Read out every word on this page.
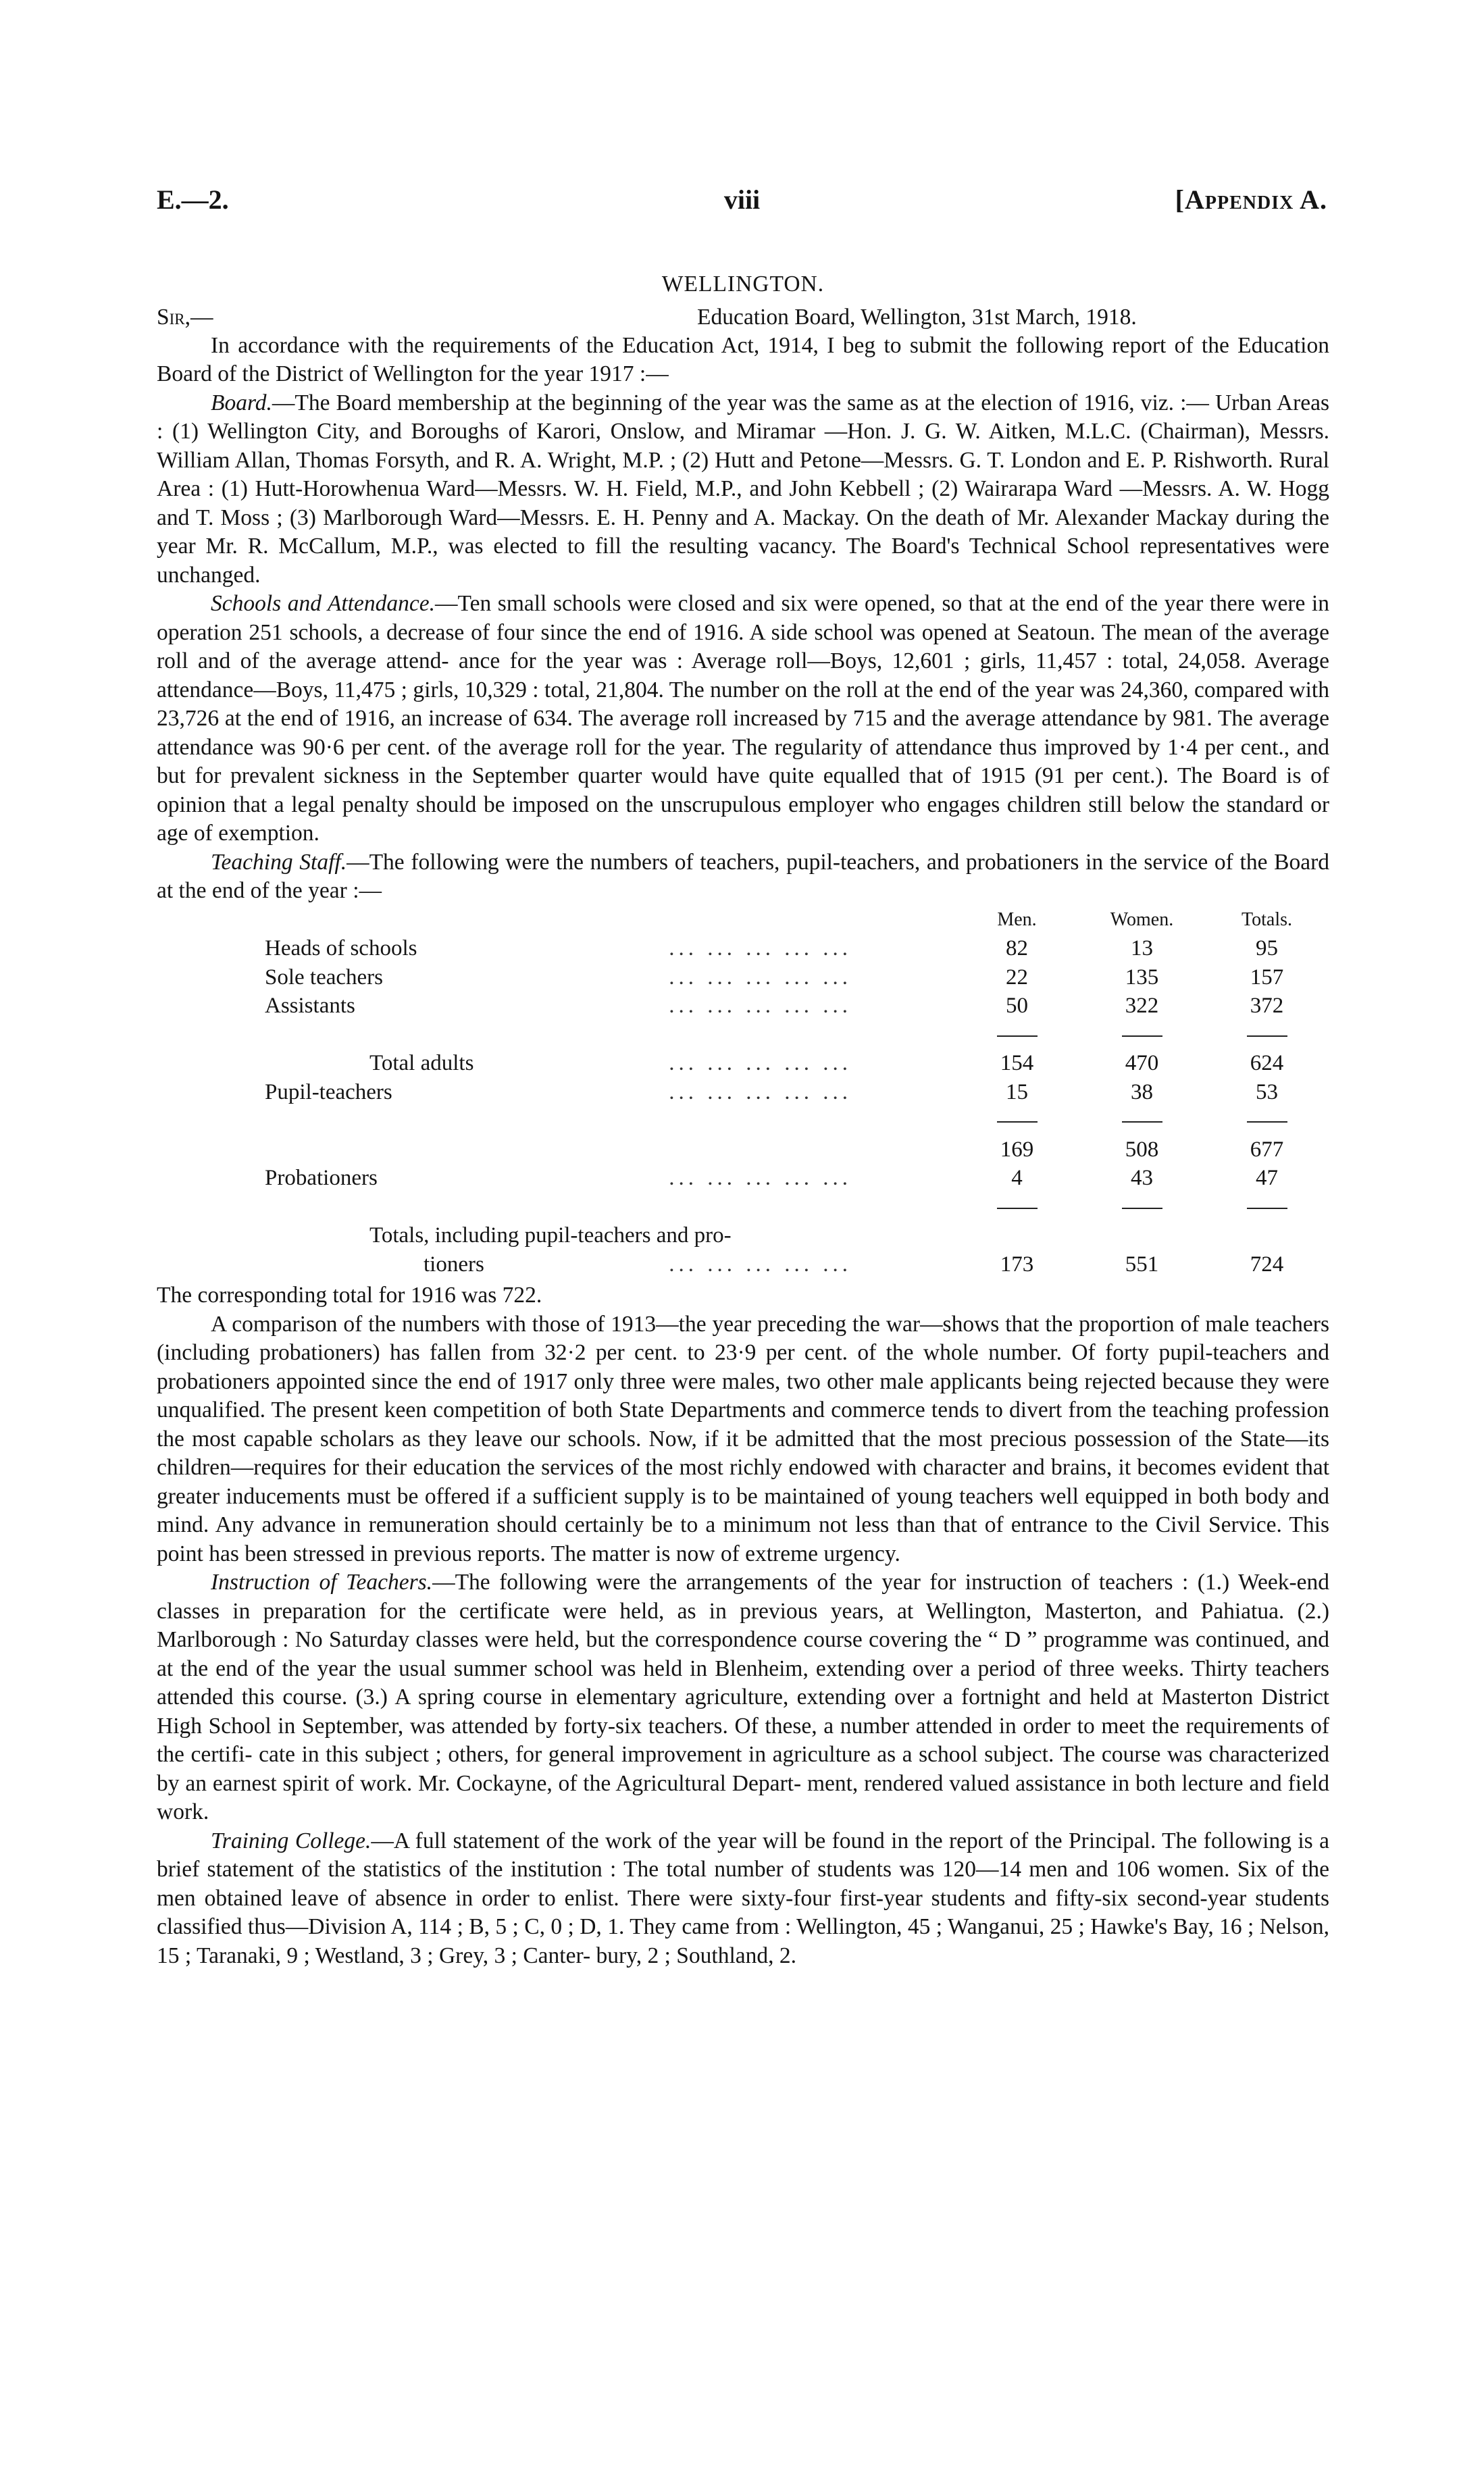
E.—2.	viii	[Appendix A.
WELLINGTON.
Sir,—	Education Board, Wellington, 31st March, 1918.

In accordance with the requirements of the Education Act, 1914, I beg to submit the following report of the Education Board of the District of Wellington for the year 1917 :—

Board.—The Board membership at the beginning of the year was the same as at the election of 1916, viz. :— Urban Areas : (1) Wellington City, and Boroughs of Karori, Onslow, and Miramar —Hon. J. G. W. Aitken, M.L.C. (Chairman), Messrs. William Allan, Thomas Forsyth, and R. A. Wright, M.P. ; (2) Hutt and Petone—Messrs. G. T. London and E. P. Rishworth. Rural Area : (1) Hutt-Horowhenua Ward—Messrs. W. H. Field, M.P., and John Kebbell ; (2) Wairarapa Ward —Messrs. A. W. Hogg and T. Moss ; (3) Marlborough Ward—Messrs. E. H. Penny and A. Mackay. On the death of Mr. Alexander Mackay during the year Mr. R. McCallum, M.P., was elected to fill the resulting vacancy. The Board's Technical School representatives were unchanged.

Schools and Attendance.—Ten small schools were closed and six were opened, so that at the end of the year there were in operation 251 schools, a decrease of four since the end of 1916. A side school was opened at Seatoun. The mean of the average roll and of the average attend- ance for the year was : Average roll—Boys, 12,601 ; girls, 11,457 : total, 24,058. Average attendance—Boys, 11,475 ; girls, 10,329 : total, 21,804. The number on the roll at the end of the year was 24,360, compared with 23,726 at the end of 1916, an increase of 634. The average roll increased by 715 and the average attendance by 981. The average attendance was 90·6 per cent. of the average roll for the year. The regularity of attendance thus improved by 1·4 per cent., and but for prevalent sickness in the September quarter would have quite equalled that of 1915 (91 per cent.). The Board is of opinion that a legal penalty should be imposed on the unscrupulous employer who engages children still below the standard or age of exemption.

Teaching Staff.—The following were the numbers of teachers, pupil-teachers, and probationers in the service of the Board at the end of the year :—

		Men.	Women.	Totals.
Heads of schools	... ... ... ... ...	82	13	95
Sole teachers	... ... ... ... ...	22	135	157
Assistants	... ... ... ... ...	50	322	372

Total adults	... ... ... ... ...	154	470	624
Pupil-teachers	... ... ... ... ...	15	38	53

		169	508	677
Probationers	... ... ... ... ...	4	43	47

Totals, including pupil-teachers and pro-				
tioners	... ... ... ... ...	173	551	724

The corresponding total for 1916 was 722.

A comparison of the numbers with those of 1913—the year preceding the war—shows that the proportion of male teachers (including probationers) has fallen from 32·2 per cent. to 23·9 per cent. of the whole number. Of forty pupil-teachers and probationers appointed since the end of 1917 only three were males, two other male applicants being rejected because they were unqualified. The present keen competition of both State Departments and commerce tends to divert from the teaching profession the most capable scholars as they leave our schools. Now, if it be admitted that the most precious possession of the State—its children—requires for their education the services of the most richly endowed with character and brains, it becomes evident that greater inducements must be offered if a sufficient supply is to be maintained of young teachers well equipped in both body and mind. Any advance in remuneration should certainly be to a minimum not less than that of entrance to the Civil Service. This point has been stressed in previous reports. The matter is now of extreme urgency.

Instruction of Teachers.—The following were the arrangements of the year for instruction of teachers : (1.) Week-end classes in preparation for the certificate were held, as in previous years, at Wellington, Masterton, and Pahiatua. (2.) Marlborough : No Saturday classes were held, but the correspondence course covering the “ D ” programme was continued, and at the end of the year the usual summer school was held in Blenheim, extending over a period of three weeks. Thirty teachers attended this course. (3.) A spring course in elementary agriculture, extending over a fortnight and held at Masterton District High School in September, was attended by forty-six teachers. Of these, a number attended in order to meet the requirements of the certifi- cate in this subject ; others, for general improvement in agriculture as a school subject. The course was characterized by an earnest spirit of work. Mr. Cockayne, of the Agricultural Depart- ment, rendered valued assistance in both lecture and field work.

Training College.—A full statement of the work of the year will be found in the report of the Principal. The following is a brief statement of the statistics of the institution : The total number of students was 120—14 men and 106 women. Six of the men obtained leave of absence in order to enlist. There were sixty-four first-year students and fifty-six second-year students classified thus—Division A, 114 ; B, 5 ; C, 0 ; D, 1. They came from : Wellington, 45 ; Wanganui, 25 ; Hawke's Bay, 16 ; Nelson, 15 ; Taranaki, 9 ; Westland, 3 ; Grey, 3 ; Canter- bury, 2 ; Southland, 2.
